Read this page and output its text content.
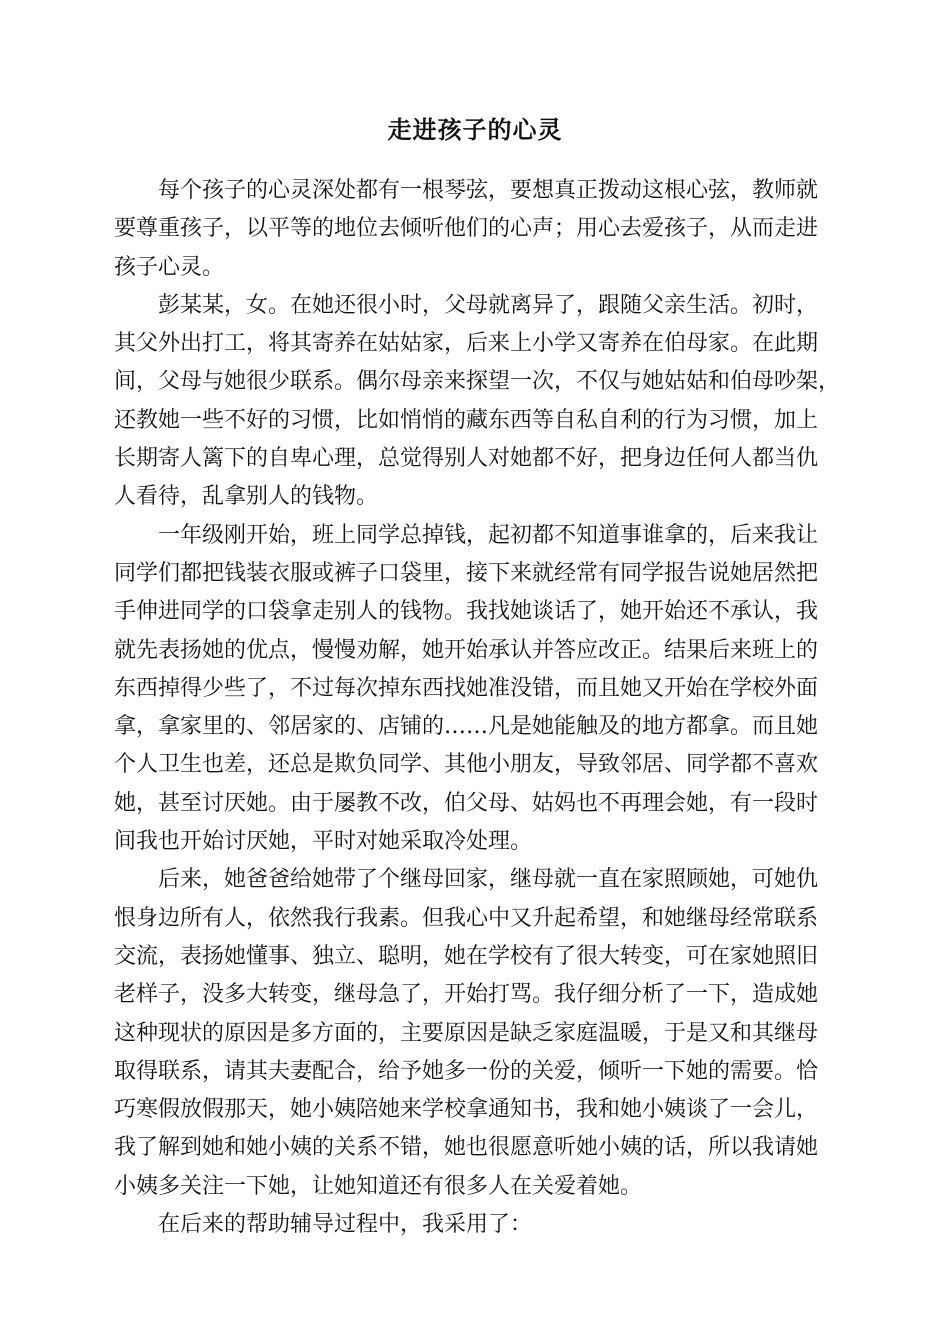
走进孩子的心灵

每个孩子的心灵深处都有一根琴弦，要想真正拨动这根心弦，教师就
要尊重孩子，以平等的地位去倾听他们的心声；用心去爱孩子，从而走进
孩子心灵。

彭某某，女。在她还很小时，父母就离异了，跟随父亲生活。初时，
其父外出打工，将其寄养在姑姑家，后来上小学又寄养在伯母家。在此期
间，父母与她很少联系。偶尔母亲来探望一次，不仅与她姑姑和伯母吵架，
还教她一些不好的习惯，比如悄悄的藏东西等自私自利的行为习惯，加上
长期寄人篱下的自卑心理，总觉得别人对她都不好，把身边任何人都当仇
人看待，乱拿别人的钱物。

一年级刚开始，班上同学总掉钱，起初都不知道事谁拿的，后来我让
同学们都把钱装衣服或裤子口袋里，接下来就经常有同学报告说她居然把
手伸进同学的口袋拿走别人的钱物。我找她谈话了，她开始还不承认，我
就先表扬她的优点，慢慢劝解，她开始承认并答应改正。结果后来班上的
东西掉得少些了，不过每次掉东西找她准没错，而且她又开始在学校外面
拿，拿家里的、邻居家的、店铺的……凡是她能触及的地方都拿。而且她
个人卫生也差，还总是欺负同学、其他小朋友，导致邻居、同学都不喜欢
她，甚至讨厌她。由于屡教不改，伯父母、姑妈也不再理会她，有一段时
间我也开始讨厌她，平时对她采取冷处理。

后来，她爸爸给她带了个继母回家，继母就一直在家照顾她，可她仇
恨身边所有人，依然我行我素。但我心中又升起希望，和她继母经常联系
交流，表扬她懂事、独立、聪明，她在学校有了很大转变，可在家她照旧
老样子，没多大转变，继母急了，开始打骂。我仔细分析了一下，造成她
这种现状的原因是多方面的，主要原因是缺乏家庭温暖，于是又和其继母
取得联系，请其夫妻配合，给予她多一份的关爱，倾听一下她的需要。恰
巧寒假放假那天，她小姨陪她来学校拿通知书，我和她小姨谈了一会儿，
我了解到她和她小姨的关系不错，她也很愿意听她小姨的话，所以我请她
小姨多关注一下她，让她知道还有很多人在关爱着她。

在后来的帮助辅导过程中，我采用了：
